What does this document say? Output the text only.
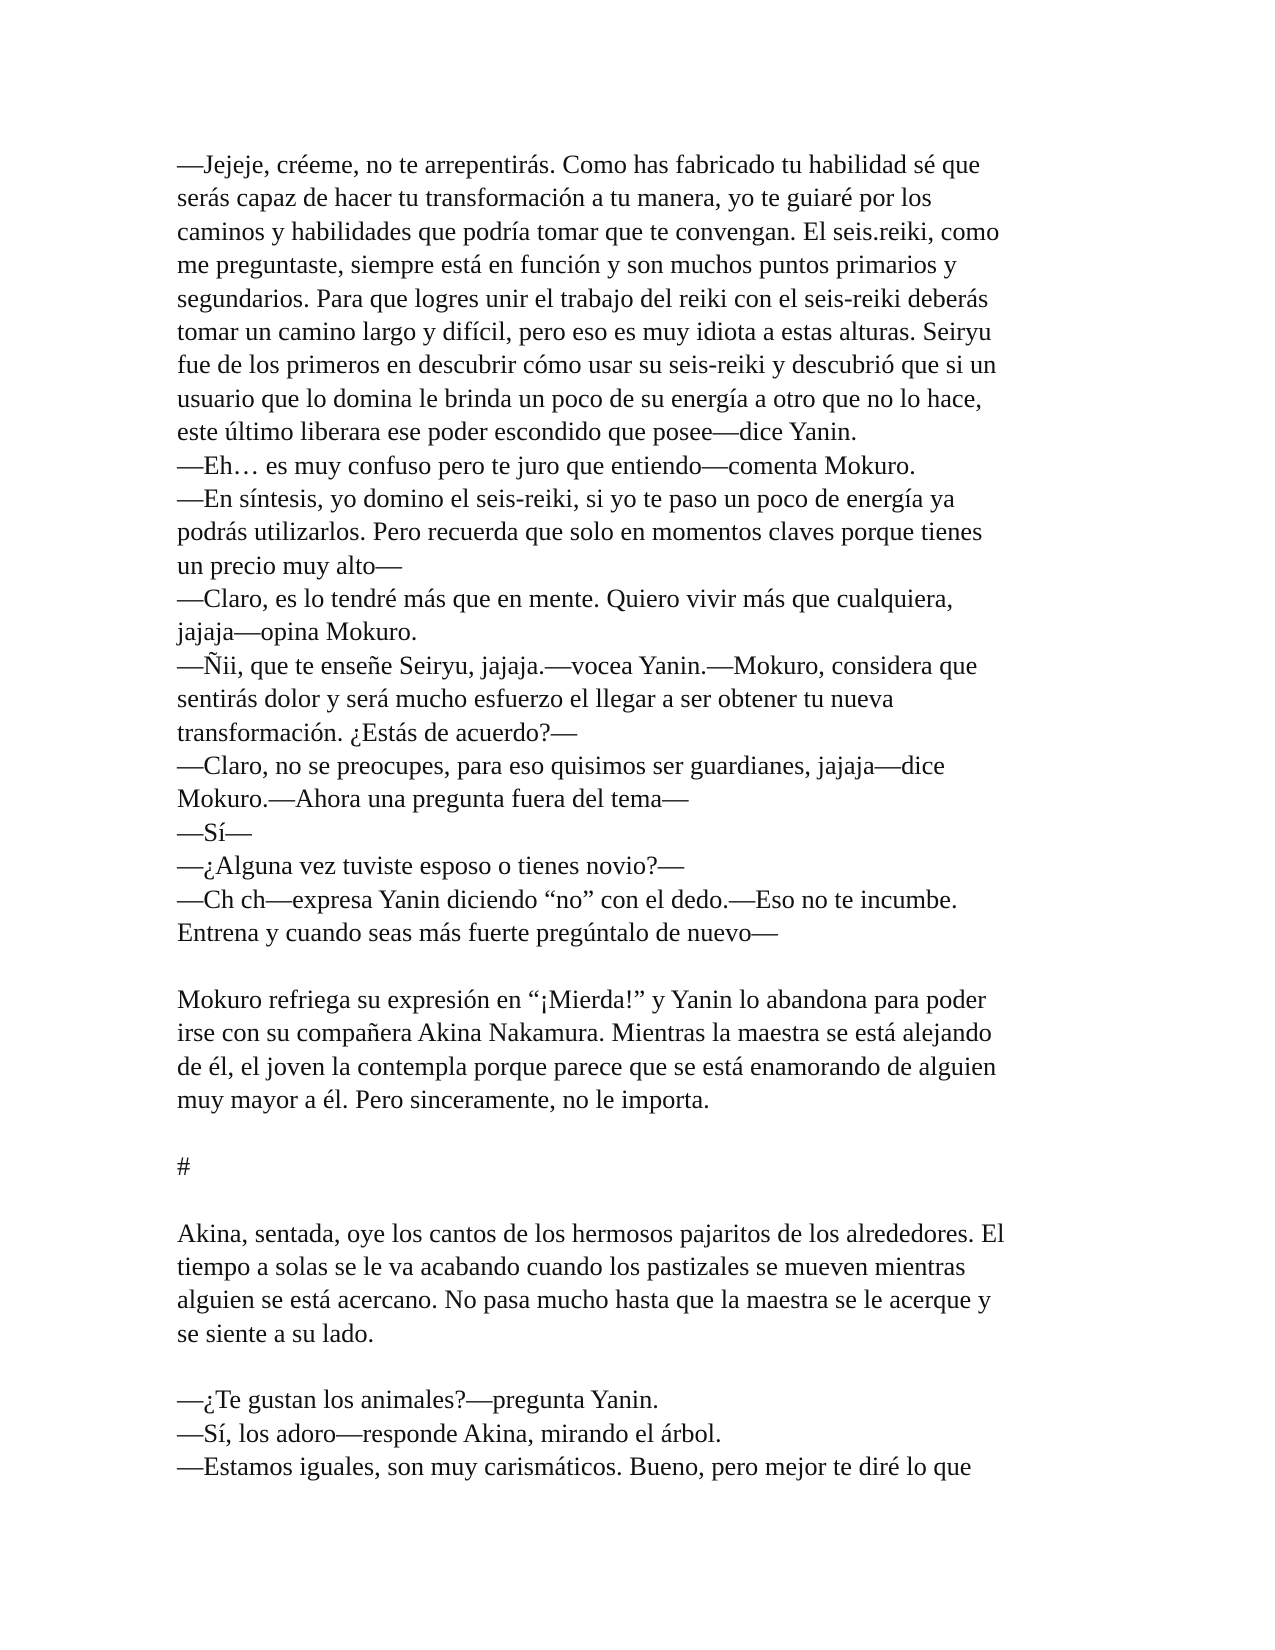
—Jejeje, créeme, no te arrepentirás. Como has fabricado tu habilidad sé que
serás capaz de hacer tu transformación a tu manera, yo te guiaré por los
caminos y habilidades que podría tomar que te convengan. El seis.reiki, como
me preguntaste, siempre está en función y son muchos puntos primarios y
segundarios. Para que logres unir el trabajo del reiki con el seis-reiki deberás
tomar un camino largo y difícil, pero eso es muy idiota a estas alturas. Seiryu
fue de los primeros en descubrir cómo usar su seis-reiki y descubrió que si un
usuario que lo domina le brinda un poco de su energía a otro que no lo hace,
este último liberara ese poder escondido que posee—dice Yanin.
—Eh… es muy confuso pero te juro que entiendo—comenta Mokuro.
—En síntesis, yo domino el seis-reiki, si yo te paso un poco de energía ya
podrás utilizarlos. Pero recuerda que solo en momentos claves porque tienes
un precio muy alto—
—Claro, es lo tendré más que en mente. Quiero vivir más que cualquiera,
jajaja—opina Mokuro.
—Ñii, que te enseñe Seiryu, jajaja.—vocea Yanin.—Mokuro, considera que
sentirás dolor y será mucho esfuerzo el llegar a ser obtener tu nueva
transformación. ¿Estás de acuerdo?—
—Claro, no se preocupes, para eso quisimos ser guardianes, jajaja—dice
Mokuro.—Ahora una pregunta fuera del tema—
—Sí—
—¿Alguna vez tuviste esposo o tienes novio?—
—Ch ch—expresa Yanin diciendo “no” con el dedo.—Eso no te incumbe.
Entrena y cuando seas más fuerte pregúntalo de nuevo—
Mokuro refriega su expresión en “¡Mierda!” y Yanin lo abandona para poder
irse con su compañera Akina Nakamura. Mientras la maestra se está alejando
de él, el joven la contempla porque parece que se está enamorando de alguien
muy mayor a él. Pero sinceramente, no le importa.
#
Akina, sentada, oye los cantos de los hermosos pajaritos de los alrededores. El
tiempo a solas se le va acabando cuando los pastizales se mueven mientras
alguien se está acercano. No pasa mucho hasta que la maestra se le acerque y
se siente a su lado.
—¿Te gustan los animales?—pregunta Yanin.
—Sí, los adoro—responde Akina, mirando el árbol.
—Estamos iguales, son muy carismáticos. Bueno, pero mejor te diré lo que
